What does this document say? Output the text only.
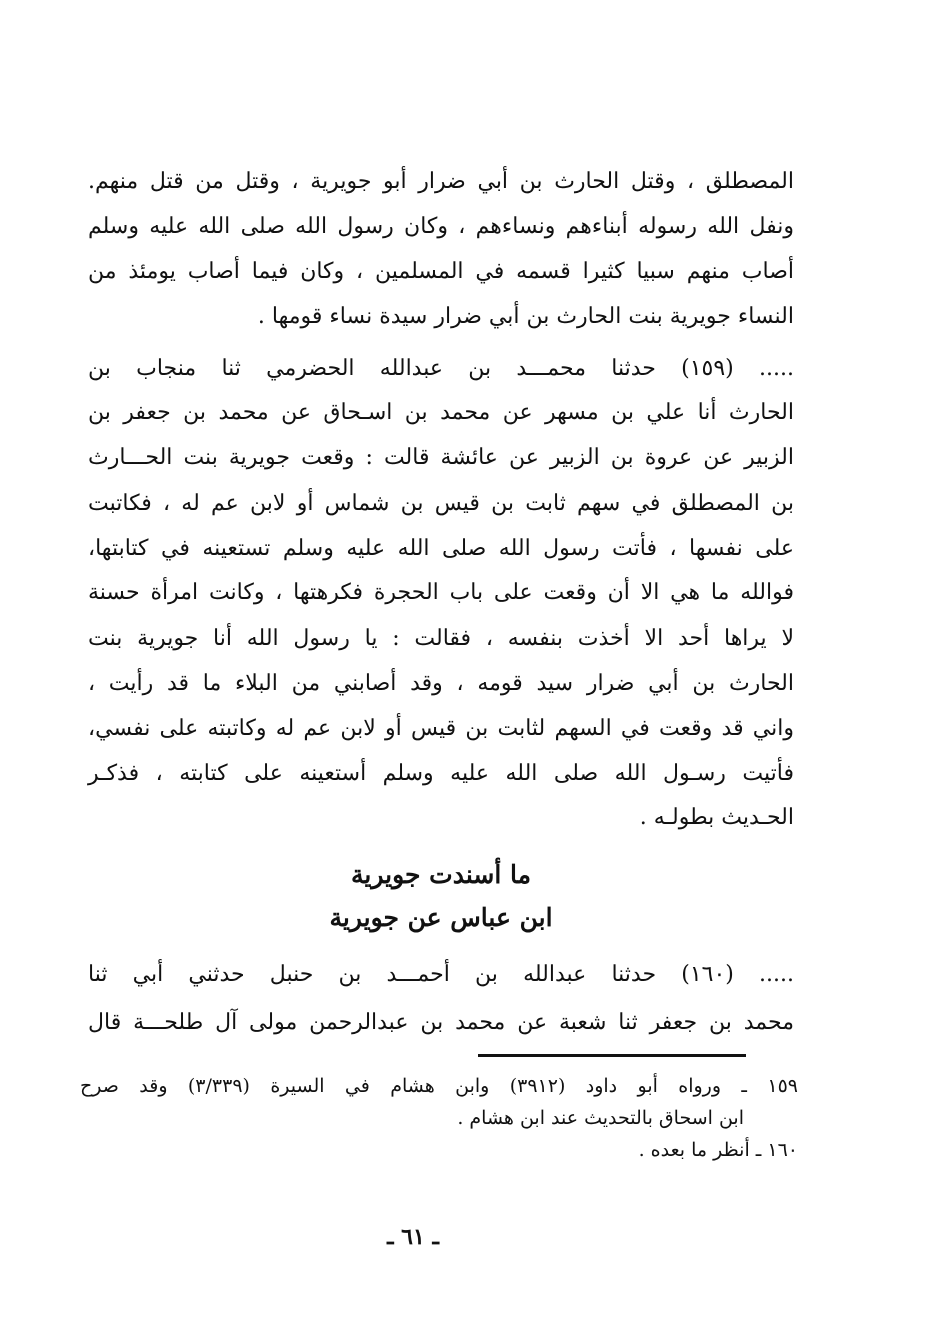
المصطلق ، وقتل الحارث بن أبي ضرار أبو جويرية ، وقتل من قتل منهم.
ونفل الله رسوله أبناءهم ونساءهم ، وكان رسول الله صلى الله عليه وسلم
أصاب منهم سبيا كثيرا قسمه في المسلمين ، وكان فيما أصاب يومئذ من
النساء جويرية بنت الحارث بن أبي ضرار سيدة نساء قومها .
..... (١٥٩) حدثنا محمـــد بن عبدالله الحضرمي ثنا منجاب بن
الحارث أنا علي بن مسهر عن محمد بن اسـحاق عن محمد بن جعفر بن
الزبير عن عروة بن الزبير عن عائشة قالت : وقعت جويرية بنت الحـــارث
بن المصطلق في سهم ثابت بن قيس بن شماس أو لابن عم له ، فكاتبت
على نفسها ، فأتت رسول الله صلى الله عليه وسلم تستعينه في كتابتها،
فوالله ما هي الا أن وقعت على باب الحجرة فكرهتها ، وكانت امرأة حسنة
لا يراها أحد الا أخذت بنفسه ، فقالت : يا رسول الله أنا جويرية بنت
الحارث بن أبي ضرار سيد قومه ، وقد أصابني من البلاء ما قد رأيت ،
واني قد وقعت في السهم لثابت بن قيس أو لابن عم له وكاتبته على نفسي،
فأتيت رسـول الله صلى الله عليه وسلم أستعينه على كتابته ، فذكـر
الحـديث بطولـه .
ما أسندت جويرية
ابن عباس عن جويرية
..... (١٦٠) حدثنا عبدالله بن أحمـــد بن حنبل حدثني أبي ثنا
محمد بن جعفر ثنا شعبة عن محمد بن عبدالرحمن مولى آل طلحـــة قال
١٥٩ ـ ورواه أبو داود (٣٩١٢) وابن هشام في السيرة (٣/٣٣٩) وقد صرح
ابن اسحاق بالتحديث عند ابن هشام .
١٦٠ ـ أنظر ما بعده .
ـ ٦١ ـ
